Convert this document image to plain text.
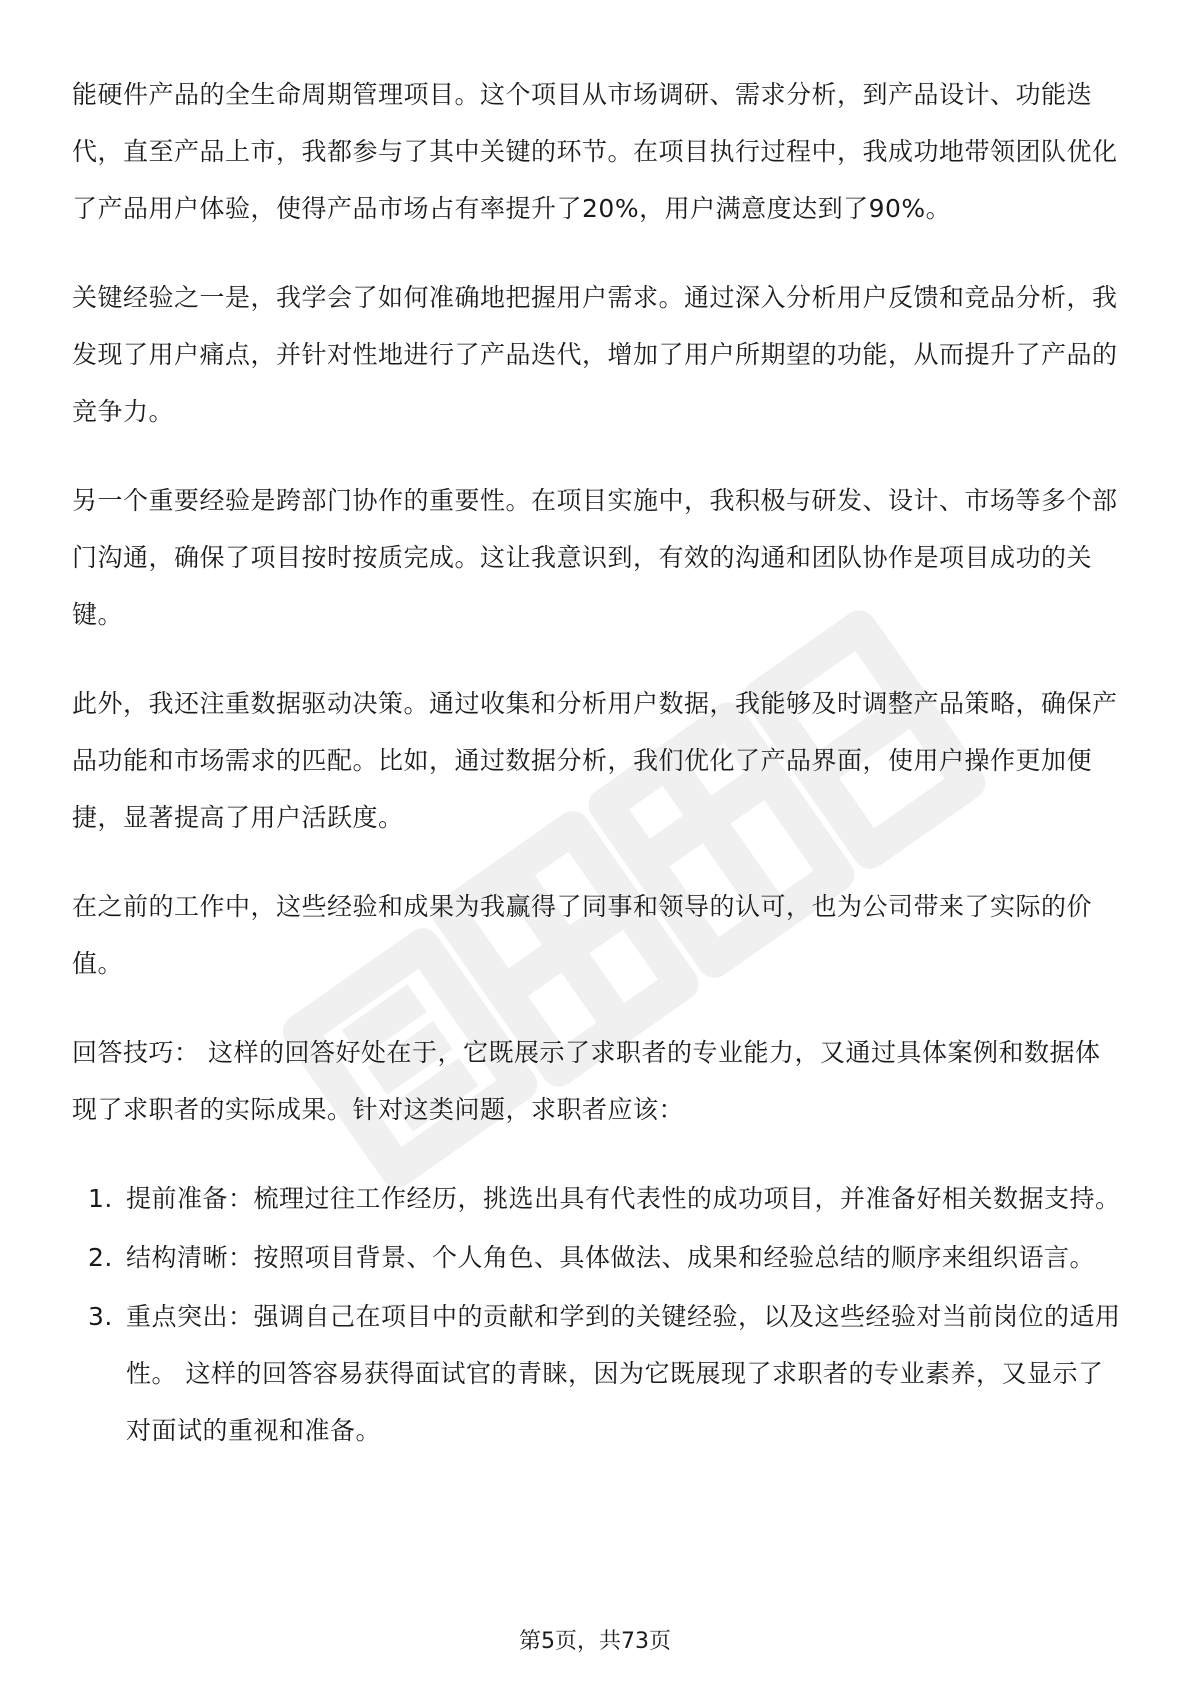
能硬件产品的全生命周期管理项目。这个项目从市场调研、需求分析，到产品设计、功能迭代，直至产品上市，我都参与了其中关键的环节。在项目执行过程中，我成功地带领团队优化了产品用户体验，使得产品市场占有率提升了20%，用户满意度达到了90%。

关键经验之一是，我学会了如何准确地把握用户需求。通过深入分析用户反馈和竞品分析，我发现了用户痛点，并针对性地进行了产品迭代，增加了用户所期望的功能，从而提升了产品的竞争力。

另一个重要经验是跨部门协作的重要性。在项目实施中，我积极与研发、设计、市场等多个部门沟通，确保了项目按时按质完成。这让我意识到，有效的沟通和团队协作是项目成功的关键。

此外，我还注重数据驱动决策。通过收集和分析用户数据，我能够及时调整产品策略，确保产品功能和市场需求的匹配。比如，通过数据分析，我们优化了产品界面，使用户操作更加便捷，显著提高了用户活跃度。

在之前的工作中，这些经验和成果为我赢得了同事和领导的认可，也为公司带来了实际的价值。

回答技巧： 这样的回答好处在于，它既展示了求职者的专业能力，又通过具体案例和数据体现了求职者的实际成果。针对这类问题，求职者应该：

1. 提前准备：梳理过往工作经历，挑选出具有代表性的成功项目，并准备好相关数据支持。
2. 结构清晰：按照项目背景、个人角色、具体做法、成果和经验总结的顺序来组织语言。
3. 重点突出：强调自己在项目中的贡献和学到的关键经验，以及这些经验对当前岗位的适用性。 这样的回答容易获得面试官的青睐，因为它既展现了求职者的专业素养，又显示了对面试的重视和准备。
第5页，共73页
